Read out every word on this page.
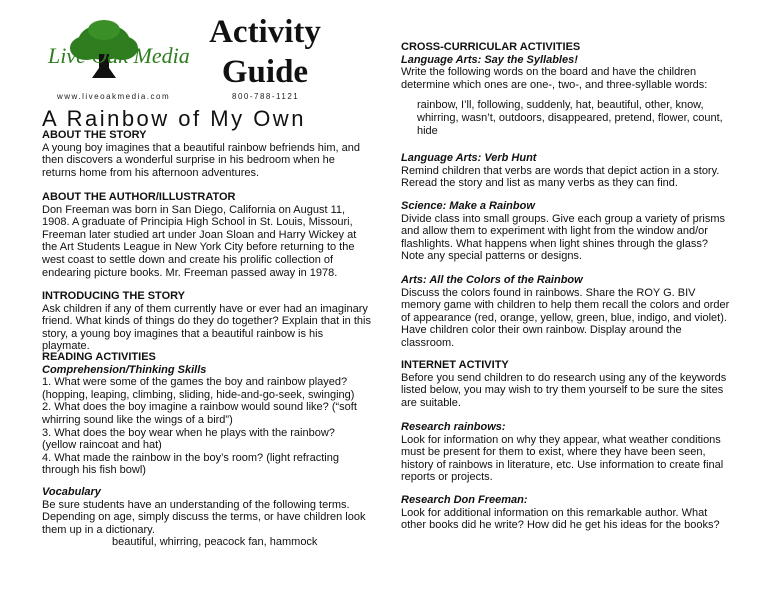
Live Oak Media
www.liveoakmedia.com
Activity
Guide
800-788-1121
A Rainbow of My Own
ABOUT THE STORY

A young boy imagines that a beautiful rainbow befriends him, and then discovers a wonderful surprise in his bedroom when he returns home from his afternoon adventures.

ABOUT THE AUTHOR/ILLUSTRATOR

Don Freeman was born in San Diego, California on August 11, 1908. A graduate of Principia High School in St. Louis, Missouri, Freeman later studied art under Joan Sloan and Harry Wickey at the Art Students League in New York City before returning to the west coast to settle down and create his prolific collection of endearing picture books. Mr. Freeman passed away in 1978.

INTRODUCING THE STORY

Ask children if any of them currently have or ever had an imaginary friend. What kinds of things do they do together? Explain that in this story, a young boy imagines that a beautiful rainbow is his playmate.

READING ACTIVITIES
Comprehension/Thinking Skills

1. What were some of the games the boy and rainbow played? (hopping, leaping, climbing, sliding, hide-and-go-seek, swinging)

2. What does the boy imagine a rainbow would sound like? (“soft whirring sound like the wings of a bird”)

3. What does the boy wear when he plays with the rainbow? (yellow raincoat and hat)

4. What made the rainbow in the boy’s room? (light refracting through his fish bowl)

Vocabulary

Be sure students have an understanding of the following terms. Depending on age, simply discuss the terms, or have children look them up in a dictionary.

beautiful, whirring, peacock fan, hammock

CROSS-CURRICULAR ACTIVITIES
Language Arts: Say the Syllables!

Write the following words on the board and have the children determine which ones are one-, two-, and three-syllable words:

rainbow, I’ll, following, suddenly, hat, beautiful, other, know, whirring, wasn’t, outdoors, disappeared, pretend, flower, count, hide

Language Arts: Verb Hunt

Remind children that verbs are words that depict action in a story. Reread the story and list as many verbs as they can find.

Science: Make a Rainbow

Divide class into small groups. Give each group a variety of prisms and allow them to experiment with light from the window and/or flashlights. What happens when light shines through the glass? Note any special patterns or designs.

Arts: All the Colors of the Rainbow

Discuss the colors found in rainbows. Share the ROY G. BIV memory game with children to help them recall the colors and order of appearance (red, orange, yellow, green, blue, indigo, and violet). Have children color their own rainbow. Display around the classroom.

INTERNET ACTIVITY

Before you send children to do research using any of the keywords listed below, you may wish to try them yourself to be sure the sites are suitable.

Research rainbows:

Look for information on why they appear, what weather conditions must be present for them to exist, where they have been seen, history of rainbows in literature, etc. Use information to create final reports or projects.

Research Don Freeman:

Look for additional information on this remarkable author. What other books did he write? How did he get his ideas for the books?
